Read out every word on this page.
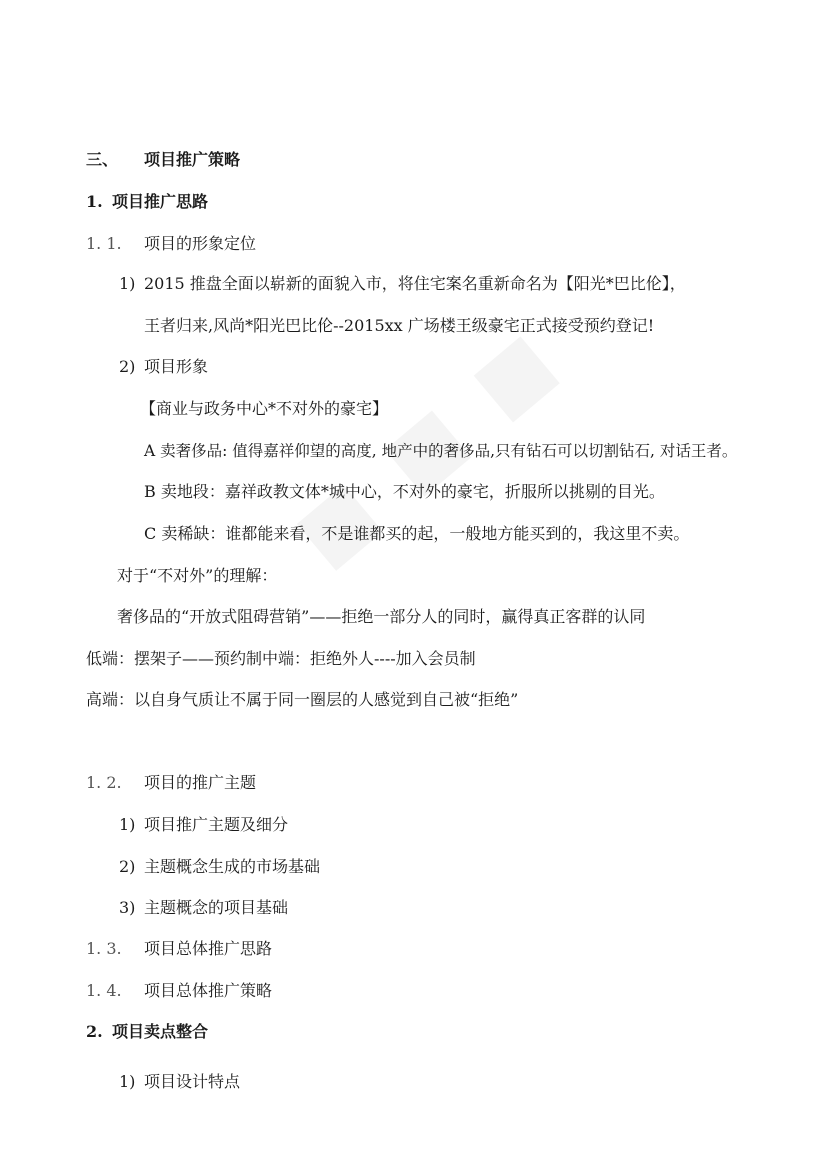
三、 项目推广策略
1. 项目推广思路
1. 1. 项目的形象定位
1) 2015 推盘全面以崭新的面貌入市，将住宅案名重新命名为【阳光*巴比伦】，
王者归来,风尚*阳光巴比伦--2015xx 广场楼王级豪宅正式接受预约登记!
2) 项目形象
【商业与政务中心*不对外的豪宅】
A 卖奢侈品: 值得嘉祥仰望的高度, 地产中的奢侈品,只有钻石可以切割钻石, 对话王者。
B 卖地段：嘉祥政教文体*城中心，不对外的豪宅，折服所以挑剔的目光。
C 卖稀缺：谁都能来看，不是谁都买的起，一般地方能买到的，我这里不卖。
对于“不对外”的理解：
奢侈品的“开放式阻碍营销”——拒绝一部分人的同时，赢得真正客群的认同
低端：摆架子——预约制中端：拒绝外人----加入会员制
高端：以自身气质让不属于同一圈层的人感觉到自己被“拒绝”
1. 2. 项目的推广主题
1) 项目推广主题及细分
2) 主题概念生成的市场基础
3) 主题概念的项目基础
1. 3. 项目总体推广思路
1. 4. 项目总体推广策略
2. 项目卖点整合
1) 项目设计特点
